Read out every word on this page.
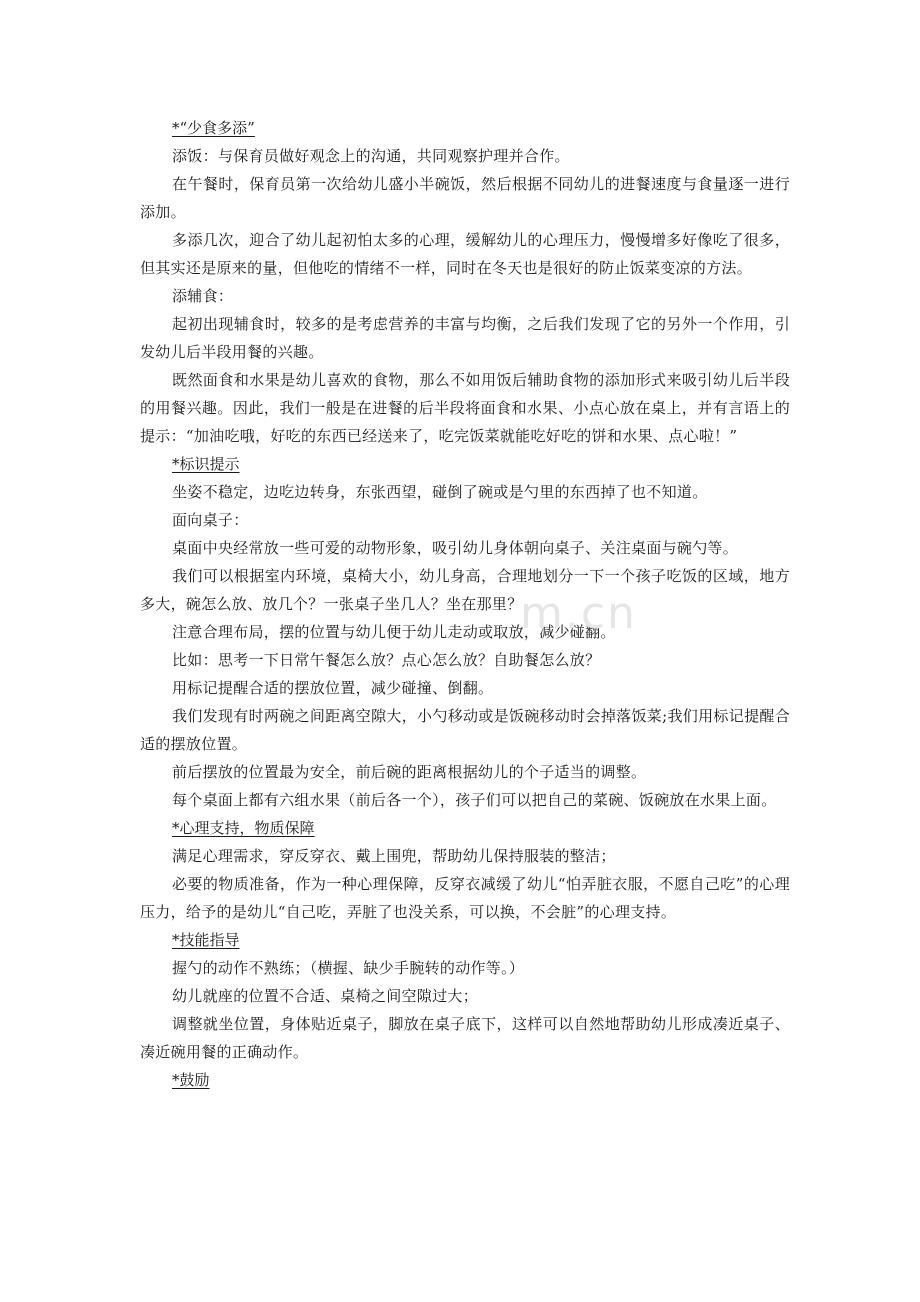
*“少食多添”

添饭：与保育员做好观念上的沟通，共同观察护理并合作。

在午餐时，保育员第一次给幼儿盛小半碗饭，然后根据不同幼儿的进餐速度与食量逐一进行添加。

多添几次，迎合了幼儿起初怕太多的心理，缓解幼儿的心理压力，慢慢增多好像吃了很多，但其实还是原来的量，但他吃的情绪不一样，同时在冬天也是很好的防止饭菜变凉的方法。

添辅食：

起初出现辅食时，较多的是考虑营养的丰富与均衡，之后我们发现了它的另外一个作用，引发幼儿后半段用餐的兴趣。

既然面食和水果是幼儿喜欢的食物，那么不如用饭后辅助食物的添加形式来吸引幼儿后半段的用餐兴趣。因此，我们一般是在进餐的后半段将面食和水果、小点心放在桌上，并有言语上的提示：“加油吃哦，好吃的东西已经送来了，吃完饭菜就能吃好吃的饼和水果、点心啦！”

*标识提示

坐姿不稳定，边吃边转身，东张西望，碰倒了碗或是勺里的东西掉了也不知道。

面向桌子：

桌面中央经常放一些可爱的动物形象，吸引幼儿身体朝向桌子、关注桌面与碗勺等。

我们可以根据室内环境，桌椅大小，幼儿身高，合理地划分一下一个孩子吃饭的区域，地方多大，碗怎么放、放几个？一张桌子坐几人？坐在那里？

注意合理布局，摆的位置与幼儿便于幼儿走动或取放，减少碰翻。

比如：思考一下日常午餐怎么放？点心怎么放？自助餐怎么放？

用标记提醒合适的摆放位置，减少碰撞、倒翻。

我们发现有时两碗之间距离空隙大，小勺移动或是饭碗移动时会掉落饭菜;我们用标记提醒合适的摆放位置。

前后摆放的位置最为安全，前后碗的距离根据幼儿的个子适当的调整。

每个桌面上都有六组水果（前后各一个），孩子们可以把自己的菜碗、饭碗放在水果上面。

*心理支持，物质保障

满足心理需求，穿反穿衣、戴上围兜，帮助幼儿保持服装的整洁；

必要的物质准备，作为一种心理保障，反穿衣减缓了幼儿“怕弄脏衣服，不愿自己吃”的心理压力，给予的是幼儿“自己吃，弄脏了也没关系，可以换，不会脏”的心理支持。

*技能指导

握勺的动作不熟练；（横握、缺少手腕转的动作等。）

幼儿就座的位置不合适、桌椅之间空隙过大；

调整就坐位置，身体贴近桌子，脚放在桌子底下，这样可以自然地帮助幼儿形成凑近桌子、凑近碗用餐的正确动作。

*鼓励

m.cn
